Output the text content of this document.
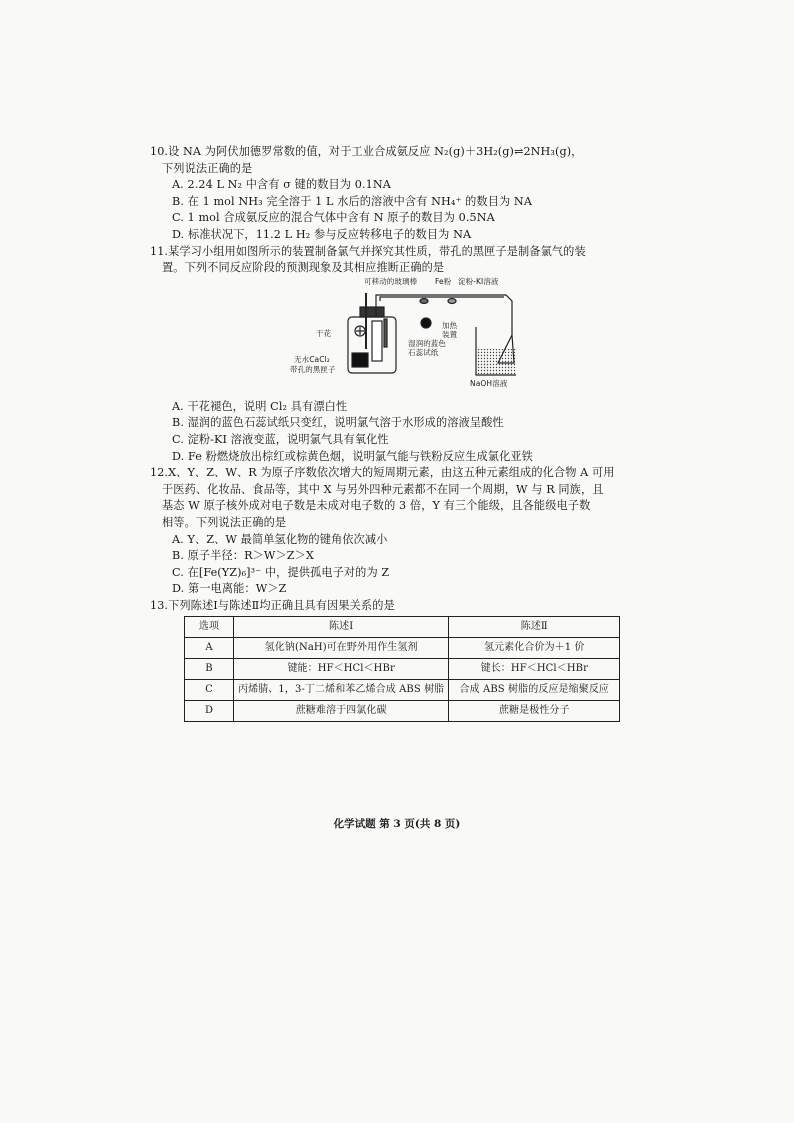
10.设 NA 为阿伏加德罗常数的值，对于工业合成氨反应 N₂(g)＋3H₂(g)⇌2NH₃(g)，
下列说法正确的是
A. 2.24 L N₂ 中含有 σ 键的数目为 0.1NA
B. 在 1 mol NH₃ 完全溶于 1 L 水后的溶液中含有 NH₄⁺ 的数目为 NA
C. 1 mol 合成氨反应的混合气体中含有 N 原子的数目为 0.5NA
D. 标准状况下，11.2 L H₂ 参与反应转移电子的数目为 NA
11.某学习小组用如图所示的装置制备氯气并探究其性质，带孔的黑匣子是制备氯气的装
置。下列不同反应阶段的预测现象及其相应推断正确的是
可移动的玻璃棒 Fe粉 淀粉-KI溶液
加热
装置
干花
湿润的蓝色
石蕊试纸
无水CaCl₂
带孔的黑匣子
NaOH溶液
A. 干花褪色，说明 Cl₂ 具有漂白性
B. 湿润的蓝色石蕊试纸只变红，说明氯气溶于水形成的溶液呈酸性
C. 淀粉-KI 溶液变蓝，说明氯气具有氧化性
D. Fe 粉燃烧放出棕红或棕黄色烟，说明氯气能与铁粉反应生成氯化亚铁
12.X、Y、Z、W、R 为原子序数依次增大的短周期元素，由这五种元素组成的化合物 A 可用
于医药、化妆品、食品等，其中 X 与另外四种元素都不在同一个周期，W 与 R 同族，且
基态 W 原子核外成对电子数是未成对电子数的 3 倍，Y 有三个能级，且各能级电子数
相等。下列说法正确的是
A. Y、Z、W 最简单氢化物的键角依次减小
B. 原子半径：R＞W＞Z＞X
C. 在[Fe(YZ)₆]³⁻ 中，提供孤电子对的为 Z
D. 第一电离能：W＞Z
13.下列陈述Ⅰ与陈述Ⅱ均正确且具有因果关系的是
选项	陈述Ⅰ	陈述Ⅱ
A	氢化钠(NaH)可在野外用作生氢剂	氢元素化合价为＋1 价
B	键能：HF＜HCl＜HBr	键长：HF＜HCl＜HBr
C	丙烯腈、1，3-丁二烯和苯乙烯合成 ABS 树脂	合成 ABS 树脂的反应是缩聚反应
D	蔗糖难溶于四氯化碳	蔗糖是极性分子
化学试题 第 3 页(共 8 页)
